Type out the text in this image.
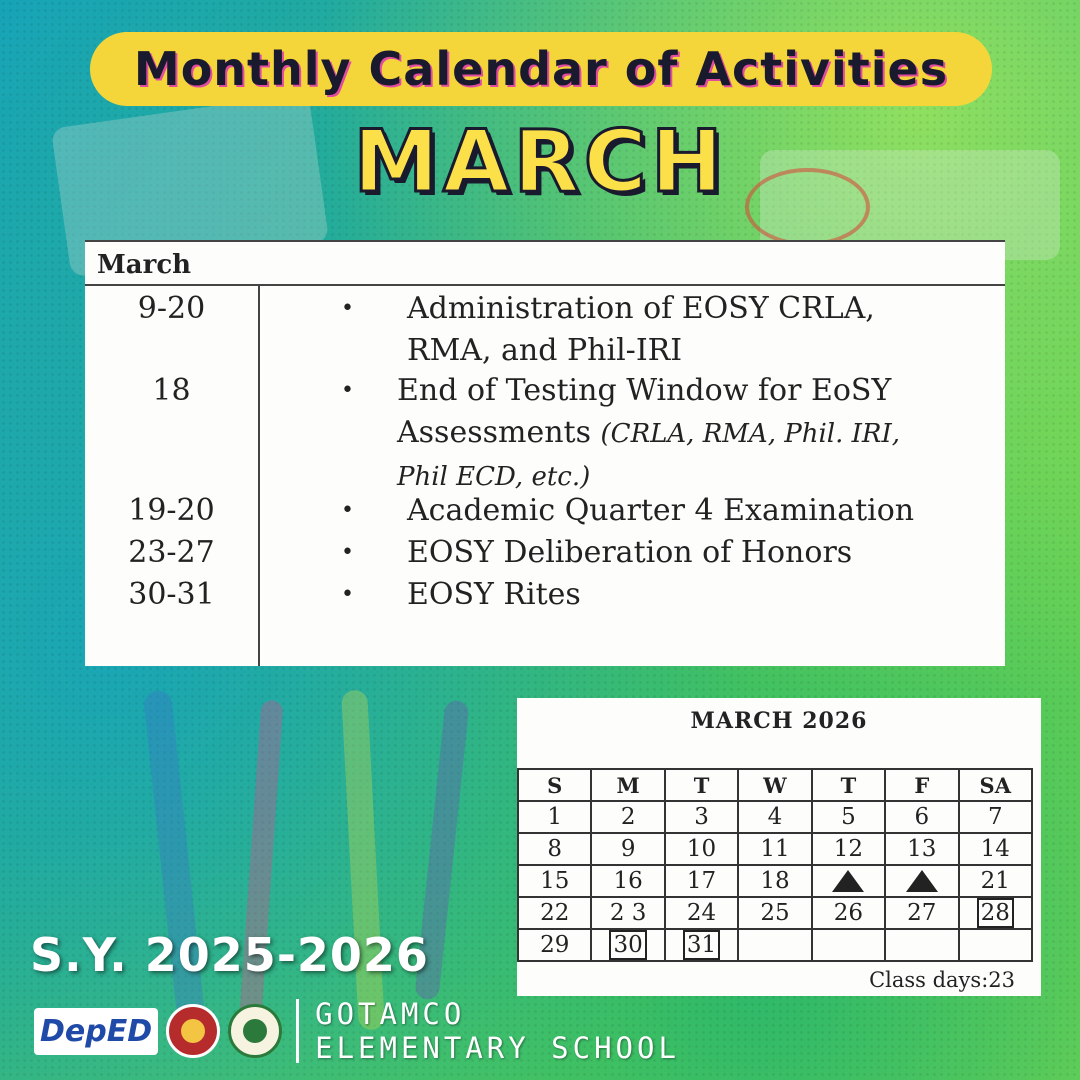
Monthly Calendar of Activities
MARCH
March
9-20	• Administration of EOSY CRLA,
RMA, and Phil-IRI
18	• End of Testing Window for EoSY
Assessments (CRLA, RMA, Phil. IRI,
Phil ECD, etc.)
19-20	• Academic Quarter 4 Examination
23-27	• EOSY Deliberation of Honors
30-31	• EOSY Rites
MARCH 2026
S	M	T	W	T	F	SA
1	2	3	4	5	6	7
8	9	10	11	12	13	14
15	16	17	18			21
22	2 3	24	25	26	27	28
29	30	31				
Class days:23
S.Y. 2025-2026
DepED	GOTAMCO
ELEMENTARY SCHOOL
